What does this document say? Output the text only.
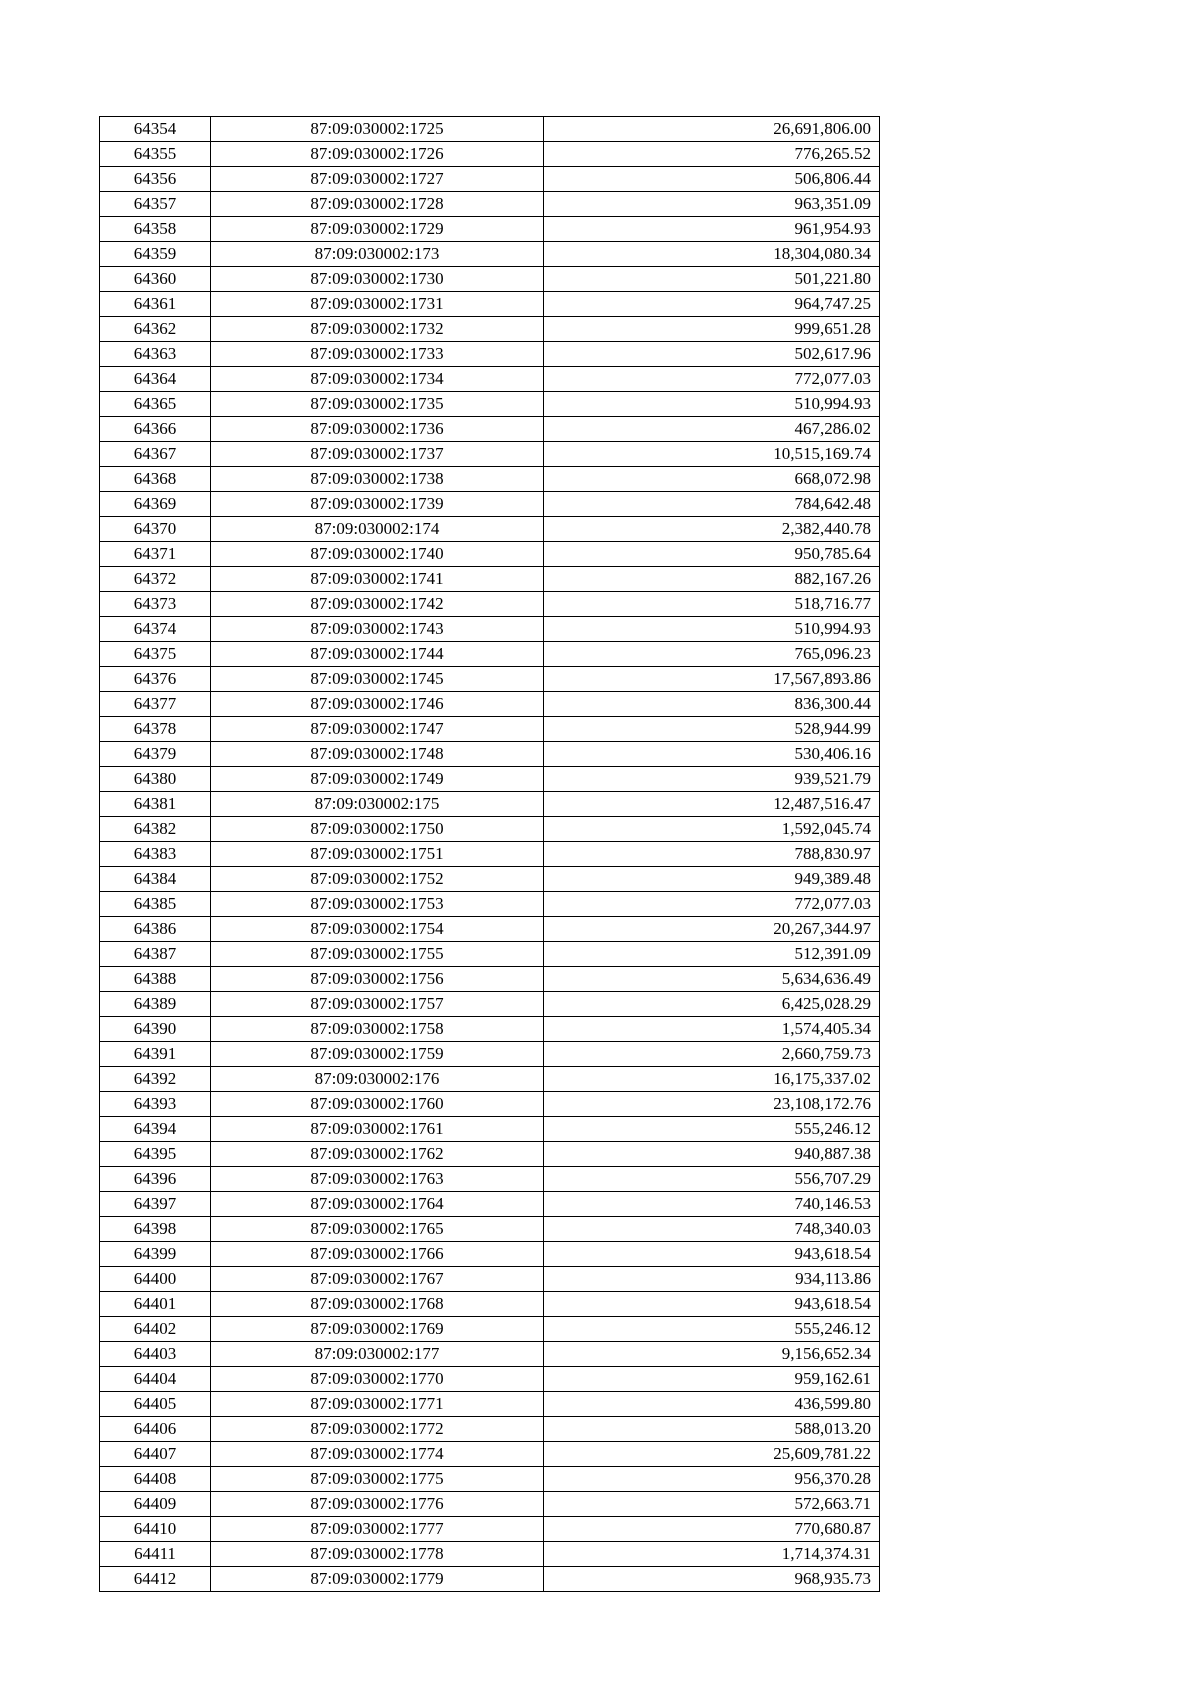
64354	87:09:030002:1725	26,691,806.00
64355	87:09:030002:1726	776,265.52
64356	87:09:030002:1727	506,806.44
64357	87:09:030002:1728	963,351.09
64358	87:09:030002:1729	961,954.93
64359	87:09:030002:173	18,304,080.34
64360	87:09:030002:1730	501,221.80
64361	87:09:030002:1731	964,747.25
64362	87:09:030002:1732	999,651.28
64363	87:09:030002:1733	502,617.96
64364	87:09:030002:1734	772,077.03
64365	87:09:030002:1735	510,994.93
64366	87:09:030002:1736	467,286.02
64367	87:09:030002:1737	10,515,169.74
64368	87:09:030002:1738	668,072.98
64369	87:09:030002:1739	784,642.48
64370	87:09:030002:174	2,382,440.78
64371	87:09:030002:1740	950,785.64
64372	87:09:030002:1741	882,167.26
64373	87:09:030002:1742	518,716.77
64374	87:09:030002:1743	510,994.93
64375	87:09:030002:1744	765,096.23
64376	87:09:030002:1745	17,567,893.86
64377	87:09:030002:1746	836,300.44
64378	87:09:030002:1747	528,944.99
64379	87:09:030002:1748	530,406.16
64380	87:09:030002:1749	939,521.79
64381	87:09:030002:175	12,487,516.47
64382	87:09:030002:1750	1,592,045.74
64383	87:09:030002:1751	788,830.97
64384	87:09:030002:1752	949,389.48
64385	87:09:030002:1753	772,077.03
64386	87:09:030002:1754	20,267,344.97
64387	87:09:030002:1755	512,391.09
64388	87:09:030002:1756	5,634,636.49
64389	87:09:030002:1757	6,425,028.29
64390	87:09:030002:1758	1,574,405.34
64391	87:09:030002:1759	2,660,759.73
64392	87:09:030002:176	16,175,337.02
64393	87:09:030002:1760	23,108,172.76
64394	87:09:030002:1761	555,246.12
64395	87:09:030002:1762	940,887.38
64396	87:09:030002:1763	556,707.29
64397	87:09:030002:1764	740,146.53
64398	87:09:030002:1765	748,340.03
64399	87:09:030002:1766	943,618.54
64400	87:09:030002:1767	934,113.86
64401	87:09:030002:1768	943,618.54
64402	87:09:030002:1769	555,246.12
64403	87:09:030002:177	9,156,652.34
64404	87:09:030002:1770	959,162.61
64405	87:09:030002:1771	436,599.80
64406	87:09:030002:1772	588,013.20
64407	87:09:030002:1774	25,609,781.22
64408	87:09:030002:1775	956,370.28
64409	87:09:030002:1776	572,663.71
64410	87:09:030002:1777	770,680.87
64411	87:09:030002:1778	1,714,374.31
64412	87:09:030002:1779	968,935.73
